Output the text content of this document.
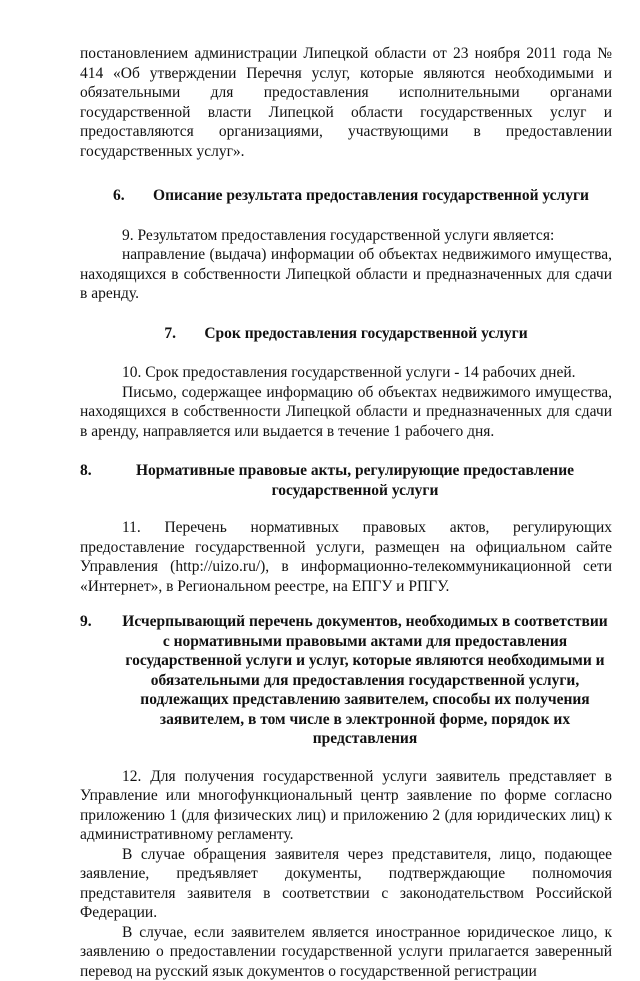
постановлением администрации Липецкой области от 23 ноября 2011 года № 414 «Об утверждении Перечня услуг, которые являются необходимыми и обязательными для предоставления исполнительными органами государственной власти Липецкой области государственных услуг и предоставляются организациями, участвующими в предоставлении государственных услуг».

6.	Описание результата предоставления государственной услуги

9. Результатом предоставления государственной услуги является:

направление (выдача) информации об объектах недвижимого имущества, находящихся в собственности Липецкой области и предназначенных для сдачи в аренду.

7.	Срок предоставления государственной услуги

10. Срок предоставления государственной услуги - 14 рабочих дней.

Письмо, содержащее информацию об объектах недвижимого имущества, находящихся в собственности Липецкой области и предназначенных для сдачи в аренду, направляется или выдается в течение 1 рабочего дня.

8.	Нормативные правовые акты, регулирующие предоставление государственной услуги

11. Перечень нормативных правовых актов, регулирующих предоставление государственной услуги, размещен на официальном сайте Управления (http://uizo.ru/), в информационно-телекоммуникационной сети «Интернет», в Региональном реестре, на ЕПГУ и РПГУ.

9.	Исчерпывающий перечень документов, необходимых в соответствии с нормативными правовыми актами для предоставления государственной услуги и услуг, которые являются необходимыми и обязательными для предоставления государственной услуги, подлежащих представлению заявителем, способы их получения заявителем, в том числе в электронной форме, порядок их представления

12. Для получения государственной услуги заявитель представляет в Управление или многофункциональный центр заявление по форме согласно приложению 1 (для физических лиц) и приложению 2 (для юридических лиц) к административному регламенту.

В случае обращения заявителя через представителя, лицо, подающее заявление, предъявляет документы, подтверждающие полномочия представителя заявителя в соответствии с законодательством Российской Федерации.

В случае, если заявителем является иностранное юридическое лицо, к заявлению о предоставлении государственной услуги прилагается заверенный перевод на русский язык документов о государственной регистрации
